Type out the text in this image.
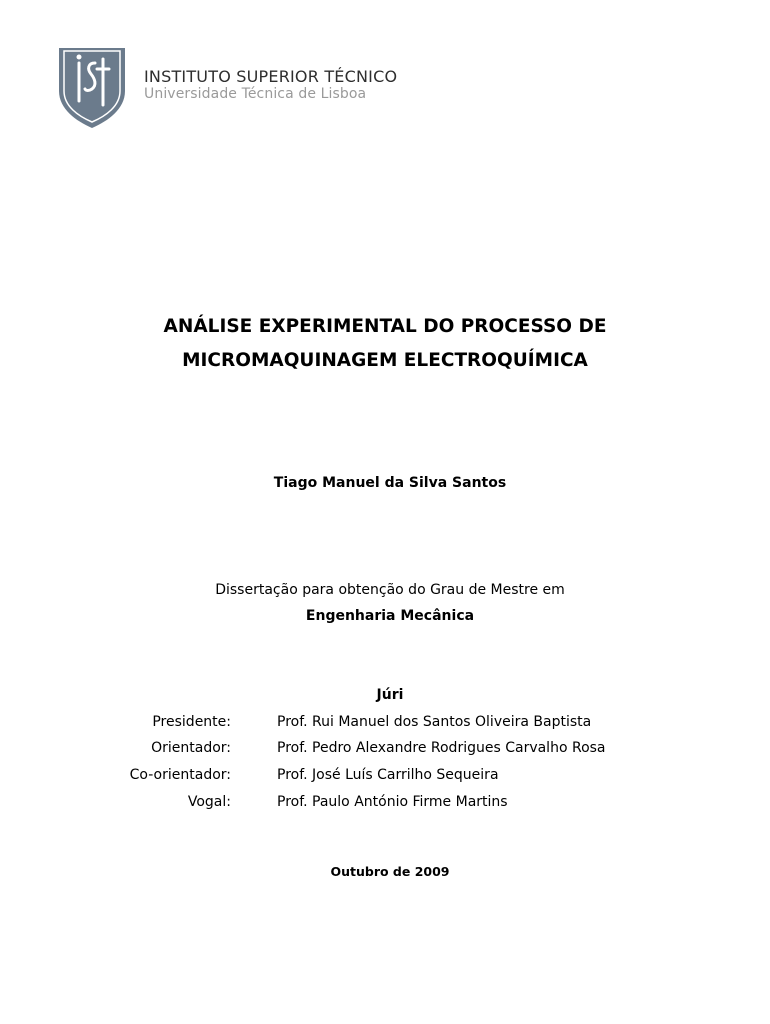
INSTITUTO SUPERIOR TÉCNICO
Universidade Técnica de Lisboa
ANÁLISE EXPERIMENTAL DO PROCESSO DE
MICROMAQUINAGEM ELECTROQUÍMICA
Tiago Manuel da Silva Santos
Dissertação para obtenção do Grau de Mestre em
Engenharia Mecânica
Júri
Presidente:	Prof. Rui Manuel dos Santos Oliveira Baptista
Orientador:	Prof. Pedro Alexandre Rodrigues Carvalho Rosa
Co-orientador:	Prof. José Luís Carrilho Sequeira
Vogal:	Prof. Paulo António Firme Martins
Outubro de 2009
